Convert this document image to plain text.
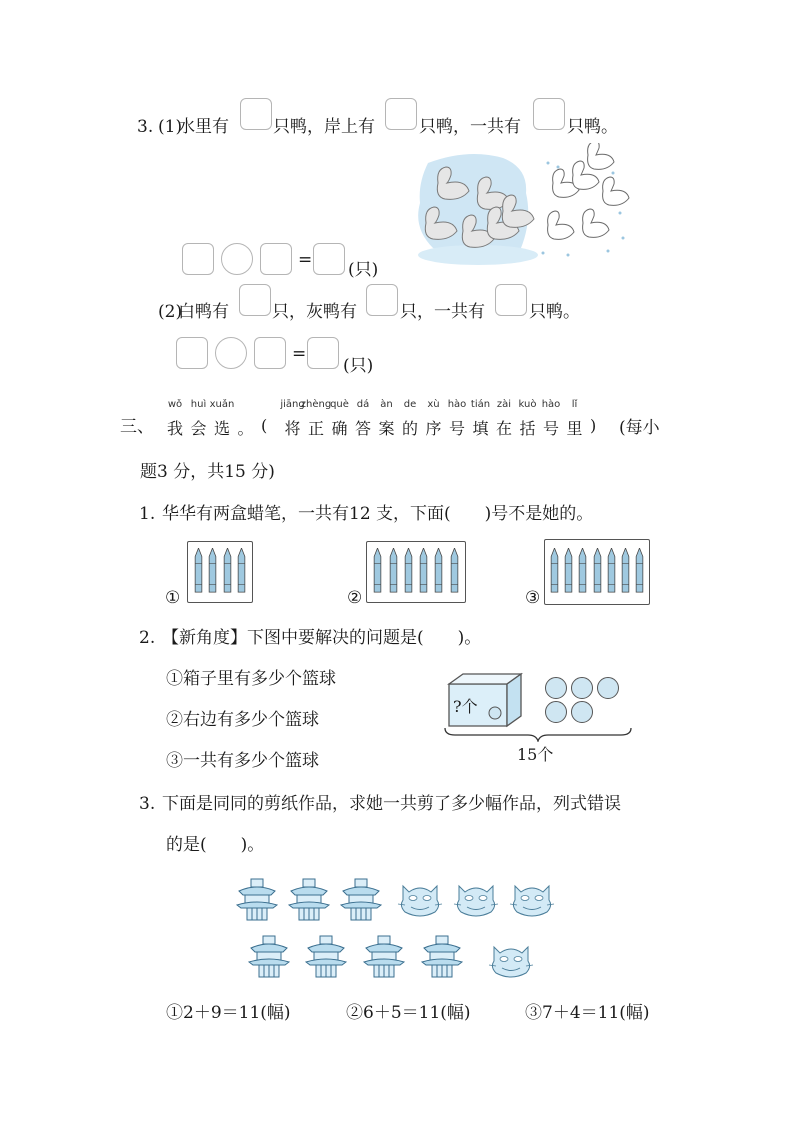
3. (1)
水里有	只鸭，岸上有	只鸭，一共有	只鸭。
= (只)
(2)
白鸭有	只，灰鸭有	只，一共有	只鸭。
=
(只)
三、 我
wǒ
会
huì
选
xuǎn
。 ( 将
jiāng
正
zhèng
确
què
答
dá
案
àn
的
de
序
xù
号
hào
填
tián
在
zài
括
kuò
号
hào
里
lǐ
) (每小
题3 分，共15 分)
1. 华华有两盒蜡笔，一共有12 支，下面(　　)号不是她的。
①	②	③
2. 【新角度】下图中要解决的问题是(　　)。
①箱子里有多少个篮球
②右边有多少个篮球
③一共有多少个篮球
?个
15个
3. 下面是同同的剪纸作品，求她一共剪了多少幅作品，列式错误
的是(　　)。
①2＋9＝11(幅)	②6＋5＝11(幅)	③7＋4＝11(幅)
